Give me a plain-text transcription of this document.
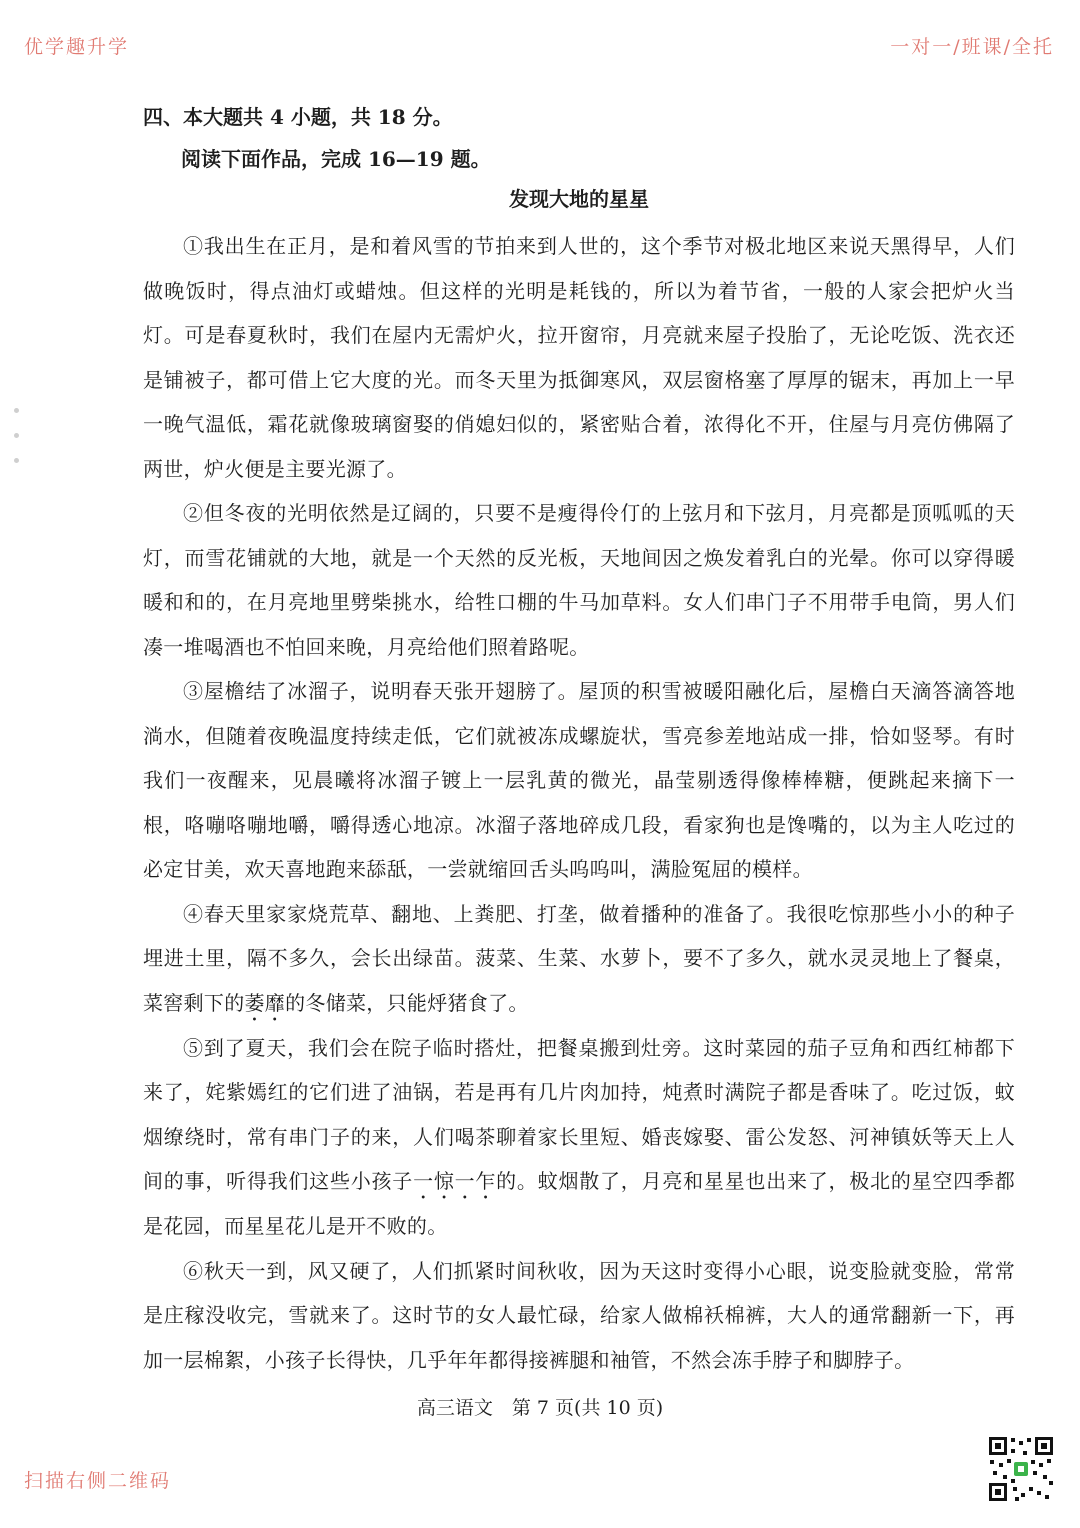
优学趣升学	一对一/班课/全托
扫描右侧二维码
四、本大题共 4 小题，共 18 分。
阅读下面作品，完成 16—19 题。
发现大地的星星

①我出生在正月，是和着风雪的节拍来到人世的，这个季节对极北地区来说天黑得早，人们做晚饭时，得点油灯或蜡烛。但这样的光明是耗钱的，所以为着节省，一般的人家会把炉火当灯。可是春夏秋时，我们在屋内无需炉火，拉开窗帘，月亮就来屋子投胎了，无论吃饭、洗衣还是铺被子，都可借上它大度的光。而冬天里为抵御寒风，双层窗格塞了厚厚的锯末，再加上一早一晚气温低，霜花就像玻璃窗娶的俏媳妇似的，紧密贴合着，浓得化不开，住屋与月亮仿佛隔了两世，炉火便是主要光源了。

②但冬夜的光明依然是辽阔的，只要不是瘦得伶仃的上弦月和下弦月，月亮都是顶呱呱的天灯，而雪花铺就的大地，就是一个天然的反光板，天地间因之焕发着乳白的光晕。你可以穿得暖暖和和的，在月亮地里劈柴挑水，给牲口棚的牛马加草料。女人们串门子不用带手电筒，男人们凑一堆喝酒也不怕回来晚，月亮给他们照着路呢。

③屋檐结了冰溜子，说明春天张开翅膀了。屋顶的积雪被暖阳融化后，屋檐白天滴答滴答地淌水，但随着夜晚温度持续走低，它们就被冻成螺旋状，雪亮参差地站成一排，恰如竖琴。有时我们一夜醒来，见晨曦将冰溜子镀上一层乳黄的微光，晶莹剔透得像棒棒糖，便跳起来摘下一根，咯嘣咯嘣地嚼，嚼得透心地凉。冰溜子落地碎成几段，看家狗也是馋嘴的，以为主人吃过的必定甘美，欢天喜地跑来舔舐，一尝就缩回舌头呜呜叫，满脸冤屈的模样。

④春天里家家烧荒草、翻地、上粪肥、打垄，做着播种的准备了。我很吃惊那些小小的种子埋进土里，隔不多久，会长出绿苗。菠菜、生菜、水萝卜，要不了多久，就水灵灵地上了餐桌，菜窖剩下的萎靡的冬储菜，只能烀猪食了。

⑤到了夏天，我们会在院子临时搭灶，把餐桌搬到灶旁。这时菜园的茄子豆角和西红柿都下来了，姹紫嫣红的它们进了油锅，若是再有几片肉加持，炖煮时满院子都是香味了。吃过饭，蚊烟缭绕时，常有串门子的来，人们喝茶聊着家长里短、婚丧嫁娶、雷公发怒、河神镇妖等天上人间的事，听得我们这些小孩子一惊一乍的。蚊烟散了，月亮和星星也出来了，极北的星空四季都是花园，而星星花儿是开不败的。

⑥秋天一到，风又硬了，人们抓紧时间秋收，因为天这时变得小心眼，说变脸就变脸，常常是庄稼没收完，雪就来了。这时节的女人最忙碌，给家人做棉袄棉裤，大人的通常翻新一下，再加一层棉絮，小孩子长得快，几乎年年都得接裤腿和袖管，不然会冻手脖子和脚脖子。

高三语文　第 7 页(共 10 页)
